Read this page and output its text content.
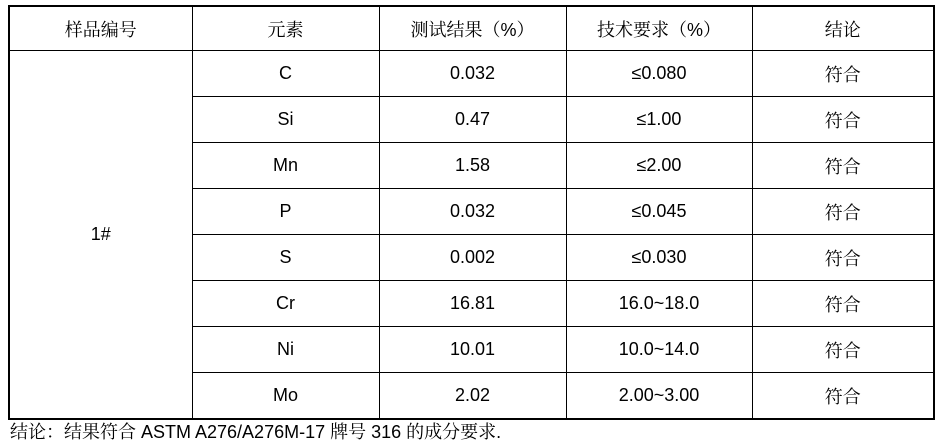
样品编号	元素	测试结果（%）	技术要求（%）	结论
1#	C	0.032	≤0.080	符合
	Si	0.47	≤1.00	符合
	Mn	1.58	≤2.00	符合
	P	0.032	≤0.045	符合
	S	0.002	≤0.030	符合
	Cr	16.81	16.0~18.0	符合
	Ni	10.01	10.0~14.0	符合
	Mo	2.02	2.00~3.00	符合
结论：结果符合 ASTM A276/A276M-17 牌号 316 的成分要求.
